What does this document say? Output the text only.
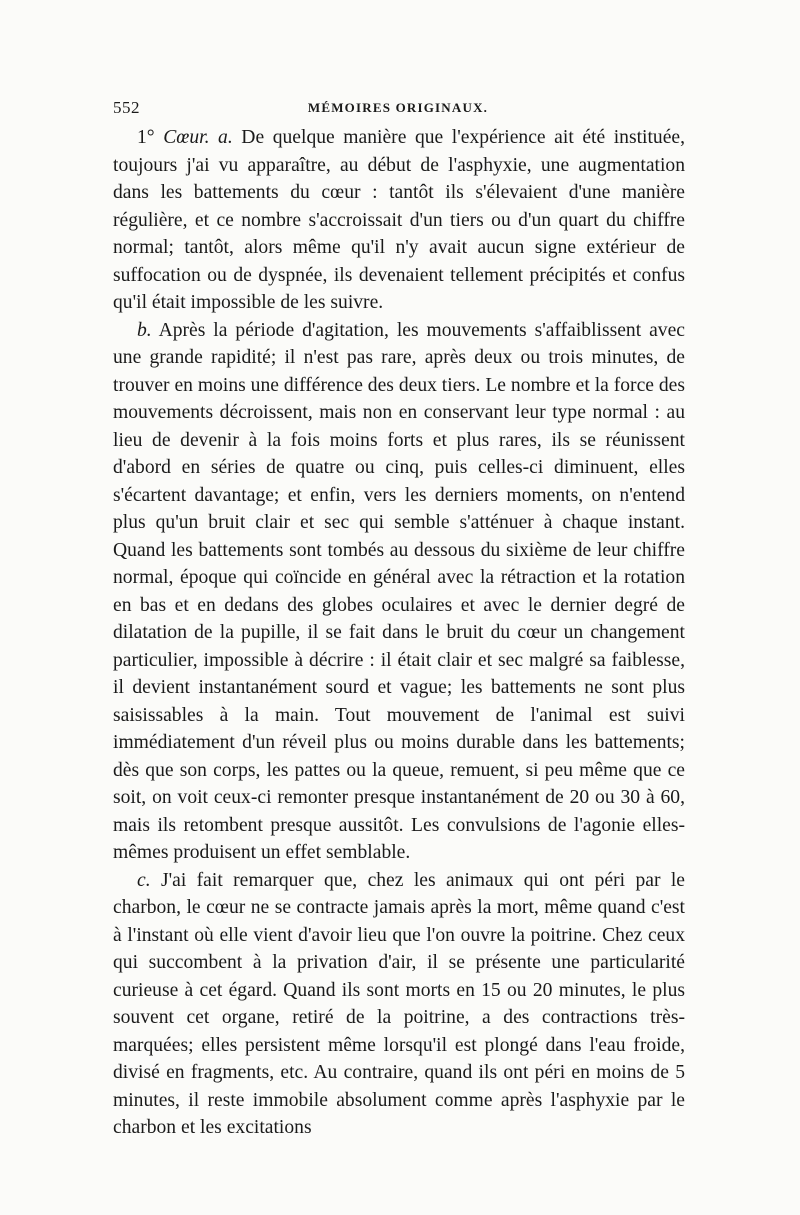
552	MÉMOIRES ORIGINAUX.

1° Cœur. a. De quelque manière que l'expérience ait été instituée, toujours j'ai vu apparaître, au début de l'asphyxie, une augmentation dans les battements du cœur : tantôt ils s'élevaient d'une manière régulière, et ce nombre s'accroissait d'un tiers ou d'un quart du chiffre normal; tantôt, alors même qu'il n'y avait aucun signe extérieur de suffocation ou de dyspnée, ils devenaient tellement précipités et confus qu'il était impossible de les suivre.

b. Après la période d'agitation, les mouvements s'affaiblissent avec une grande rapidité; il n'est pas rare, après deux ou trois minutes, de trouver en moins une différence des deux tiers. Le nombre et la force des mouvements décroissent, mais non en conservant leur type normal : au lieu de devenir à la fois moins forts et plus rares, ils se réunissent d'abord en séries de quatre ou cinq, puis celles-ci diminuent, elles s'écartent davantage; et enfin, vers les derniers moments, on n'entend plus qu'un bruit clair et sec qui semble s'atténuer à chaque instant. Quand les battements sont tombés au dessous du sixième de leur chiffre normal, époque qui coïncide en général avec la rétraction et la rotation en bas et en dedans des globes oculaires et avec le dernier degré de dilatation de la pupille, il se fait dans le bruit du cœur un changement particulier, impossible à décrire : il était clair et sec malgré sa faiblesse, il devient instantanément sourd et vague; les battements ne sont plus saisissables à la main. Tout mouvement de l'animal est suivi immédiatement d'un réveil plus ou moins durable dans les battements; dès que son corps, les pattes ou la queue, remuent, si peu même que ce soit, on voit ceux-ci remonter presque instantanément de 20 ou 30 à 60, mais ils retombent presque aussitôt. Les convulsions de l'agonie elles-mêmes produisent un effet semblable.

c. J'ai fait remarquer que, chez les animaux qui ont péri par le charbon, le cœur ne se contracte jamais après la mort, même quand c'est à l'instant où elle vient d'avoir lieu que l'on ouvre la poitrine. Chez ceux qui succombent à la privation d'air, il se présente une particularité curieuse à cet égard. Quand ils sont morts en 15 ou 20 minutes, le plus souvent cet organe, retiré de la poitrine, a des contractions très-marquées; elles persistent même lorsqu'il est plongé dans l'eau froide, divisé en fragments, etc. Au contraire, quand ils ont péri en moins de 5 minutes, il reste immobile absolument comme après l'asphyxie par le charbon et les excitations
